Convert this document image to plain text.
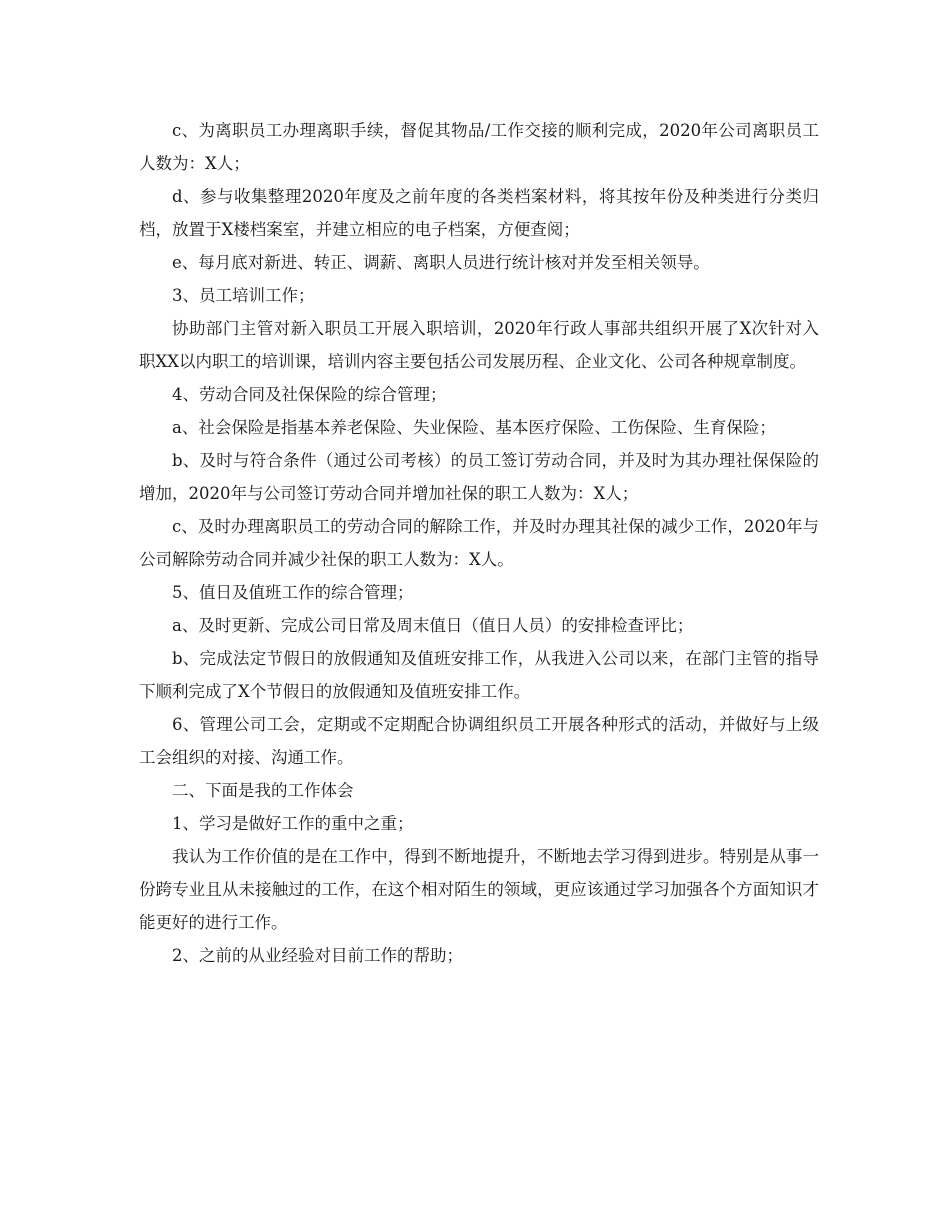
c、为离职员工办理离职手续，督促其物品/工作交接的顺利完成，2020年公司离职员工人数为：X人；

d、参与收集整理2020年度及之前年度的各类档案材料，将其按年份及种类进行分类归档，放置于X楼档案室，并建立相应的电子档案，方便查阅；

e、每月底对新进、转正、调薪、离职人员进行统计核对并发至相关领导。

3、员工培训工作；

协助部门主管对新入职员工开展入职培训，2020年行政人事部共组织开展了X次针对入职XX以内职工的培训课，培训内容主要包括公司发展历程、企业文化、公司各种规章制度。

4、劳动合同及社保保险的综合管理；

a、社会保险是指基本养老保险、失业保险、基本医疗保险、工伤保险、生育保险；

b、及时与符合条件（通过公司考核）的员工签订劳动合同，并及时为其办理社保保险的增加，2020年与公司签订劳动合同并增加社保的职工人数为：X人；

c、及时办理离职员工的劳动合同的解除工作，并及时办理其社保的减少工作，2020年与公司解除劳动合同并减少社保的职工人数为：X人。

5、值日及值班工作的综合管理；

a、及时更新、完成公司日常及周末值日（值日人员）的安排检查评比；

b、完成法定节假日的放假通知及值班安排工作，从我进入公司以来，在部门主管的指导下顺利完成了X个节假日的放假通知及值班安排工作。

6、管理公司工会，定期或不定期配合协调组织员工开展各种形式的活动，并做好与上级工会组织的对接、沟通工作。

二、下面是我的工作体会

1、学习是做好工作的重中之重；

我认为工作价值的是在工作中，得到不断地提升，不断地去学习得到进步。特别是从事一份跨专业且从未接触过的工作，在这个相对陌生的领域，更应该通过学习加强各个方面知识才能更好的进行工作。

2、之前的从业经验对目前工作的帮助；
